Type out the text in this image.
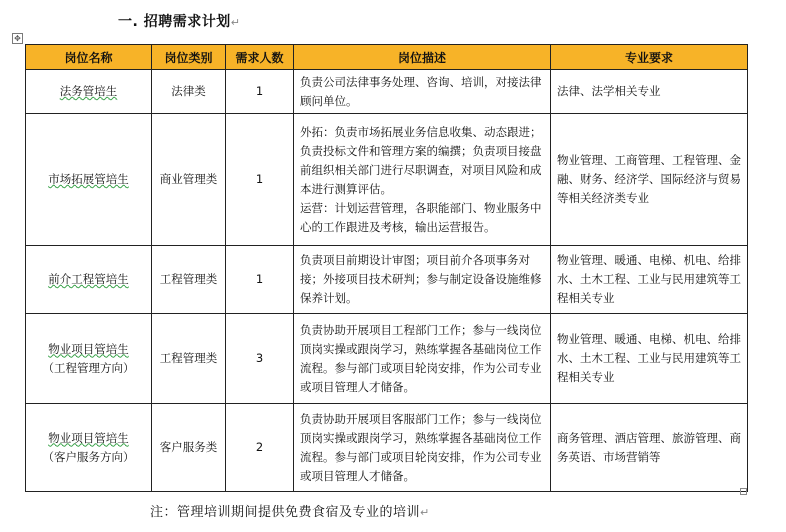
一. 招聘需求计划↵
✥
岗位名称	岗位类别	需求人数	岗位描述	专业要求
法务管培生	法律类	1	负责公司法律事务处理、咨询、培训，对接法律顾问单位。	法律、法学相关专业
市场拓展管培生	商业管理类	1	外拓：负责市场拓展业务信息收集、动态跟进；负责投标文件和管理方案的编撰；负责项目接盘前组织相关部门进行尽职调查，对项目风险和成本进行测算评估。
运营：计划运营管理，各职能部门、物业服务中心的工作跟进及考核，输出运营报告。	物业管理、工商管理、工程管理、金融、财务、经济学、国际经济与贸易等相关经济类专业
前介工程管培生	工程管理类	1	负责项目前期设计审图；项目前介各项事务对接；外接项目技术研判；参与制定设备设施维修保养计划。	物业管理、暖通、电梯、机电、给排水、土木工程、工业与民用建筑等工程相关专业

物业项目管培生
（工程管理方向）	工程管理类	3	负责协助开展项目工程部门工作；参与一线岗位顶岗实操或跟岗学习，熟练掌握各基础岗位工作流程。参与部门或项目轮岗安排，作为公司专业或项目管理人才储备。	物业管理、暖通、电梯、机电、给排水、土木工程、工业与民用建筑等工程相关专业

物业项目管培生
（客户服务方向）	客户服务类	2	负责协助开展项目客服部门工作；参与一线岗位顶岗实操或跟岗学习，熟练掌握各基础岗位工作流程。参与部门或项目轮岗安排，作为公司专业或项目管理人才储备。	商务管理、酒店管理、旅游管理、商务英语、市场营销等
注：管理培训期间提供免费食宿及专业的培训↵
